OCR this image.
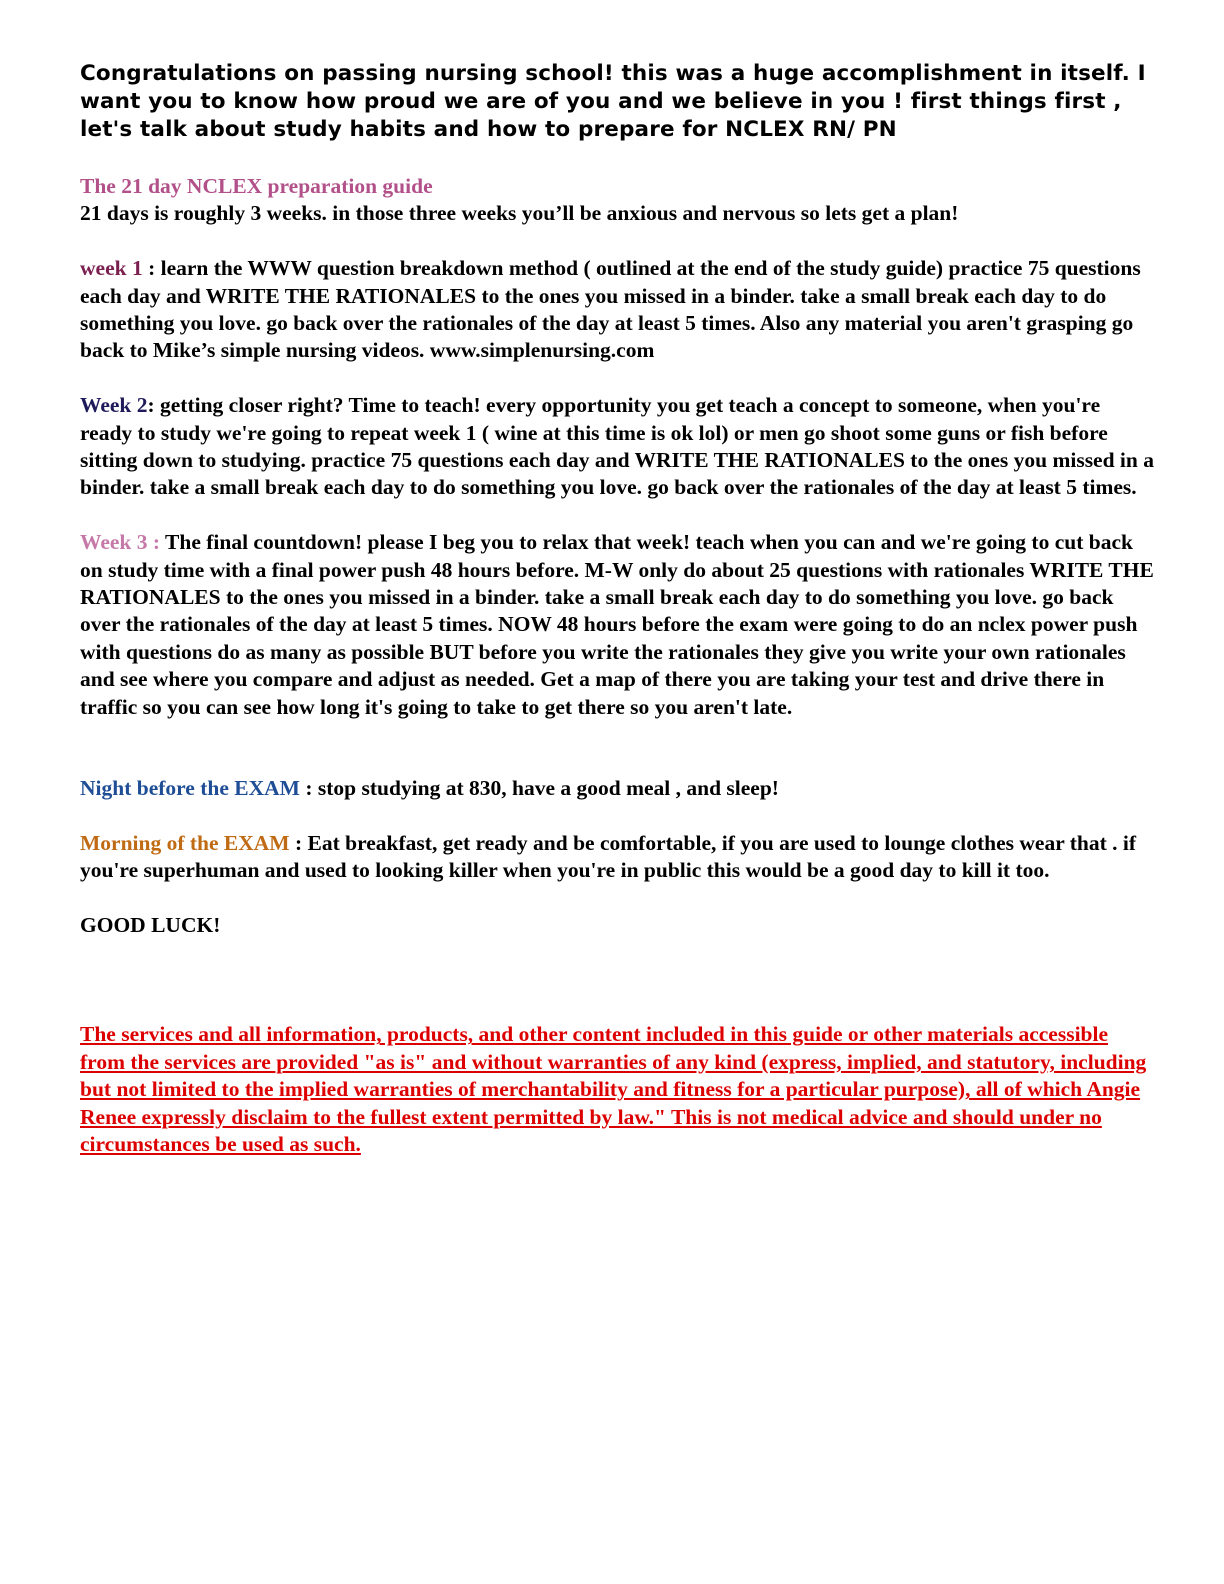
Congratulations on passing nursing school! this was a huge accomplishment in itself. I want you to know how proud we are of you and we believe in you ! first things first , let's talk about study habits and how to prepare for NCLEX RN/ PN

The 21 day NCLEX preparation guide
21 days is roughly 3 weeks. in those three weeks you’ll be anxious and nervous so lets get a plan!

week 1 : learn the WWW question breakdown method ( outlined at the end of the study guide) practice 75 questions each day and WRITE THE RATIONALES to the ones you missed in a binder. take a small break each day to do something you love. go back over the rationales of the day at least 5 times. Also any material you aren't grasping go back to Mike’s simple nursing videos. www.simplenursing.com

Week 2: getting closer right? Time to teach! every opportunity you get teach a concept to someone, when you're ready to study we're going to repeat week 1 ( wine at this time is ok lol) or men go shoot some guns or fish before sitting down to studying. practice 75 questions each day and WRITE THE RATIONALES to the ones you missed in a binder. take a small break each day to do something you love. go back over the rationales of the day at least 5 times.

Week 3 : The final countdown! please I beg you to relax that week! teach when you can and we're going to cut back on study time with a final power push 48 hours before. M-W only do about 25 questions with rationales WRITE THE RATIONALES to the ones you missed in a binder. take a small break each day to do something you love. go back over the rationales of the day at least 5 times. NOW 48 hours before the exam were going to do an nclex power push with questions do as many as possible BUT before you write the rationales they give you write your own rationales and see where you compare and adjust as needed. Get a map of there you are taking your test and drive there in traffic so you can see how long it's going to take to get there so you aren't late.

Night before the EXAM : stop studying at 830, have a good meal , and sleep!

Morning of the EXAM : Eat breakfast, get ready and be comfortable, if you are used to lounge clothes wear that . if you're superhuman and used to looking killer when you're in public this would be a good day to kill it too.

GOOD LUCK!

The services and all information, products, and other content included in this guide or other materials accessible from the services are provided "as is" and without warranties of any kind (express, implied, and statutory, including but not limited to the implied warranties of merchantability and fitness for a particular purpose), all of which Angie Renee expressly disclaim to the fullest extent permitted by law." This is not medical advice and should under no circumstances be used as such.
